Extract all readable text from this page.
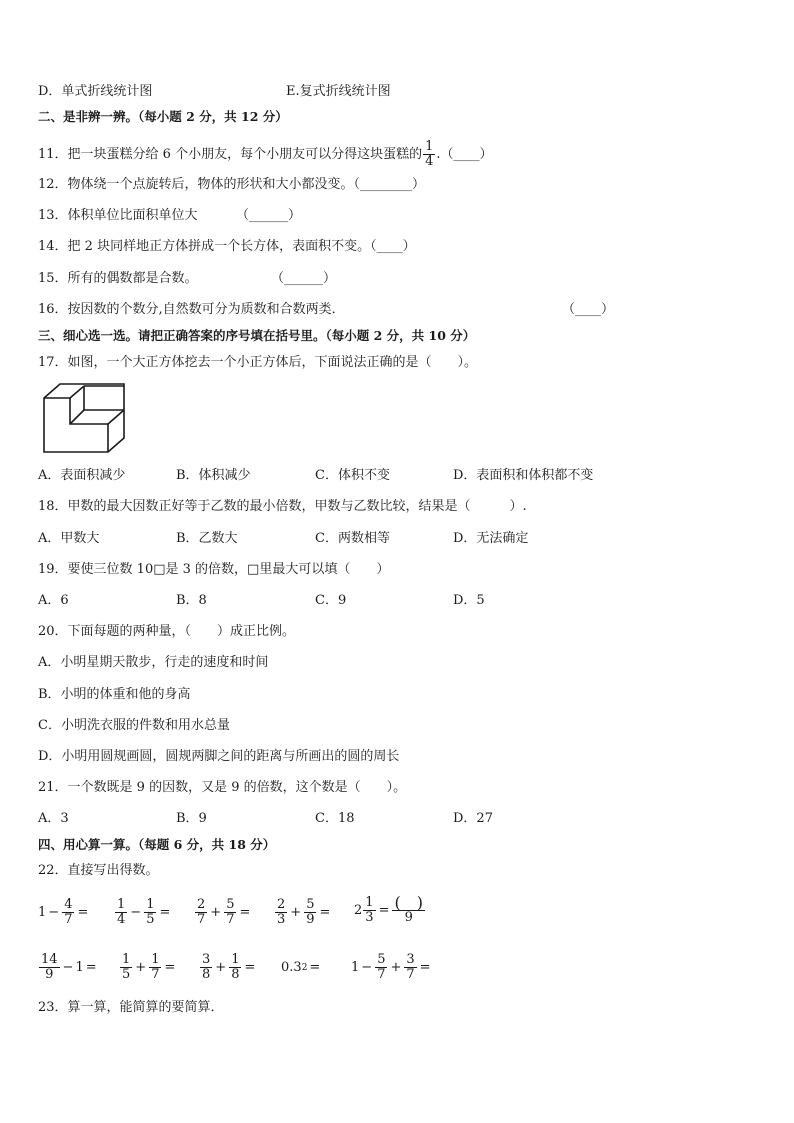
D．单式折线统计图	E.复式折线统计图
二、是非辨一辨。（每小题 2 分，共 12 分）
11．把一块蛋糕分给 6 个小朋友，每个小朋友可以分得这块蛋糕的 $\frac{1}{4}$ .（____）
12．物体绕一个点旋转后，物体的形状和大小都没变。（________）
13．体积单位比面积单位大	（______）
14．把 2 块同样地正方体拼成一个长方体，表面积不变。（____）
15．所有的偶数都是合数。	（______）
16．按因数的个数分,自然数可分为质数和合数两类．	（____）
三、细心选一选。请把正确答案的序号填在括号里。（每小题 2 分，共 10 分）
17．如图，一个大正方体挖去一个小正方体后，下面说法正确的是（　　）。
A．表面积减少	B．体积减少	C．体积不变	D．表面积和体积都不变
18．甲数的最大因数正好等于乙数的最小倍数，甲数与乙数比较，结果是（　　　）.
A．甲数大	B．乙数大	C．两数相等	D．无法确定
19．要使三位数 10□是 3 的倍数，□里最大可以填（　　）
A．6	B．8	C．9	D．5
20．下面每题的两种量，（　　）成正比例。
A．小明星期天散步，行走的速度和时间
B．小明的体重和他的身高
C．小明洗衣服的件数和用水总量
D．小明用圆规画圆，圆规两脚之间的距离与所画出的圆的周长
21．一个数既是 9 的因数，又是 9 的倍数，这个数是（　　）。
A．3	B．9	C．18	D．27
四、用心算一算。（每题 6 分，共 18 分）
22．直接写出得数。
$1 - \frac{4}{7} = \frac{1}{4} - \frac{1}{5} = \frac{2}{7} + \frac{5}{7} = \frac{2}{3} + \frac{5}{9} = 2 \frac{1}{3} = \frac{( )}{9}$
$\frac{14}{9} - 1 = \frac{1}{5} + \frac{1}{7} = \frac{3}{8} + \frac{1}{8} = 0.3$ $2 = 1 - \frac{5}{7} + \frac{3}{7}$ =
23．算一算，能简算的要简算．
